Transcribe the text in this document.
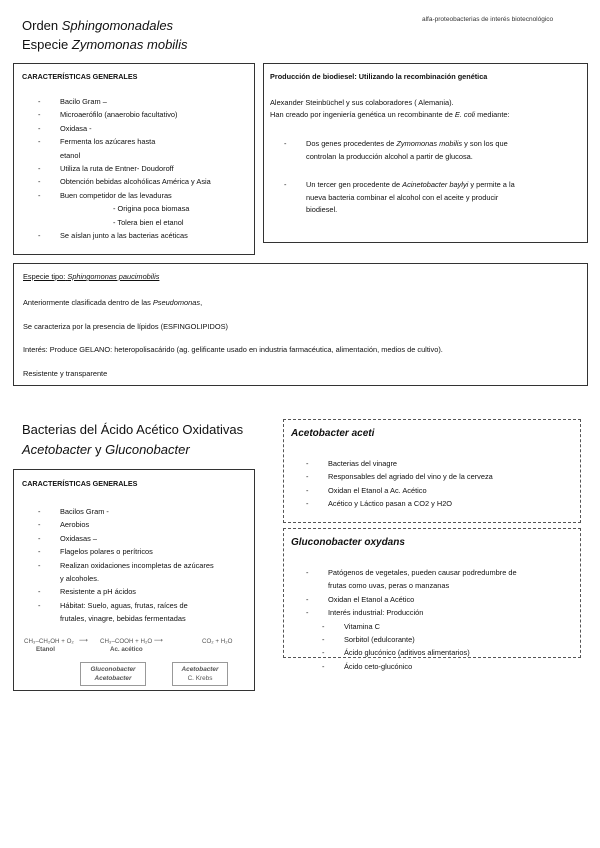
Orden Sphingomonadales
Especie Zymomonas mobilis
alfa-proteobacterias de interés biotecnológico
CARACTERÍSTICAS GENERALES
- Bacilo Gram –
- Microaerófilo (anaerobio facultativo)
- Oxidasa -
- Fermenta los azúcares hasta
etanol
- Utiliza la ruta de Entner- Doudoroff
- Obtención bebidas alcohólicas América y Asia
- Buen competidor de las levaduras
- Origina poca biomasa
- Tolera bien el etanol
- Se aíslan junto a las bacterias acéticas
Producción de biodiesel: Utilizando la recombinación genética
Alexander Steinbüchel y sus colaboradores ( Alemania).
Han creado por ingeniería genética un recombinante de E. coli mediante:
- Dos genes procedentes de Zymomonas mobilis y son los que
controlan la producción alcohol a partir de glucosa.
- Un tercer gen procedente de Acinetobacter baylyi y permite a la
nueva bacteria combinar el alcohol con el aceite y producir
biodiesel.
Especie tipo: Sphingomonas paucimobilis
Anteriormente clasificada dentro de las Pseudomonas,
Se caracteriza por la presencia de lípidos (ESFINGOLIPIDOS)
Interés: Produce GELANO: heteropolisacárido (ag. gelificante usado en industria farmacéutica, alimentación, medios de cultivo).
Resistente y transparente
Bacterias del Ácido Acético Oxidativas
Acetobacter y Gluconobacter
CARACTERÍSTICAS GENERALES
- Bacilos Gram -
- Aerobios
- Oxidasas –
- Flagelos polares o perítricos
- Realizan oxidaciones incompletas de azúcares
y alcoholes.
- Resistente a pH ácidos
- Hábitat: Suelo, aguas, frutas, raíces de
frutales, vinagre, bebidas fermentadas
CH₃–CH₂OH + O₂
Etanol
⟶ CH₃–COOH + H₂O
Ac. acético
⟶	CO₂ + H₂O
Gluconobacter
Acetobacter
Acetobacter
C. Krebs
Acetobacter aceti
- Bacterias del vinagre
- Responsables del agriado del vino y de la cerveza
- Oxidan el Etanol a Ac. Acético
- Acético y Láctico pasan a CO2 y H2O
Gluconobacter oxydans
- Patógenos de vegetales, pueden causar podredumbre de
frutas como uvas, peras o manzanas
- Oxidan el Etanol a Acético
- Interés industrial: Producción
- Vitamina C
- Sorbitol (edulcorante)
- Ácido glucónico (aditivos alimentarios)
- Ácido ceto-glucónico
